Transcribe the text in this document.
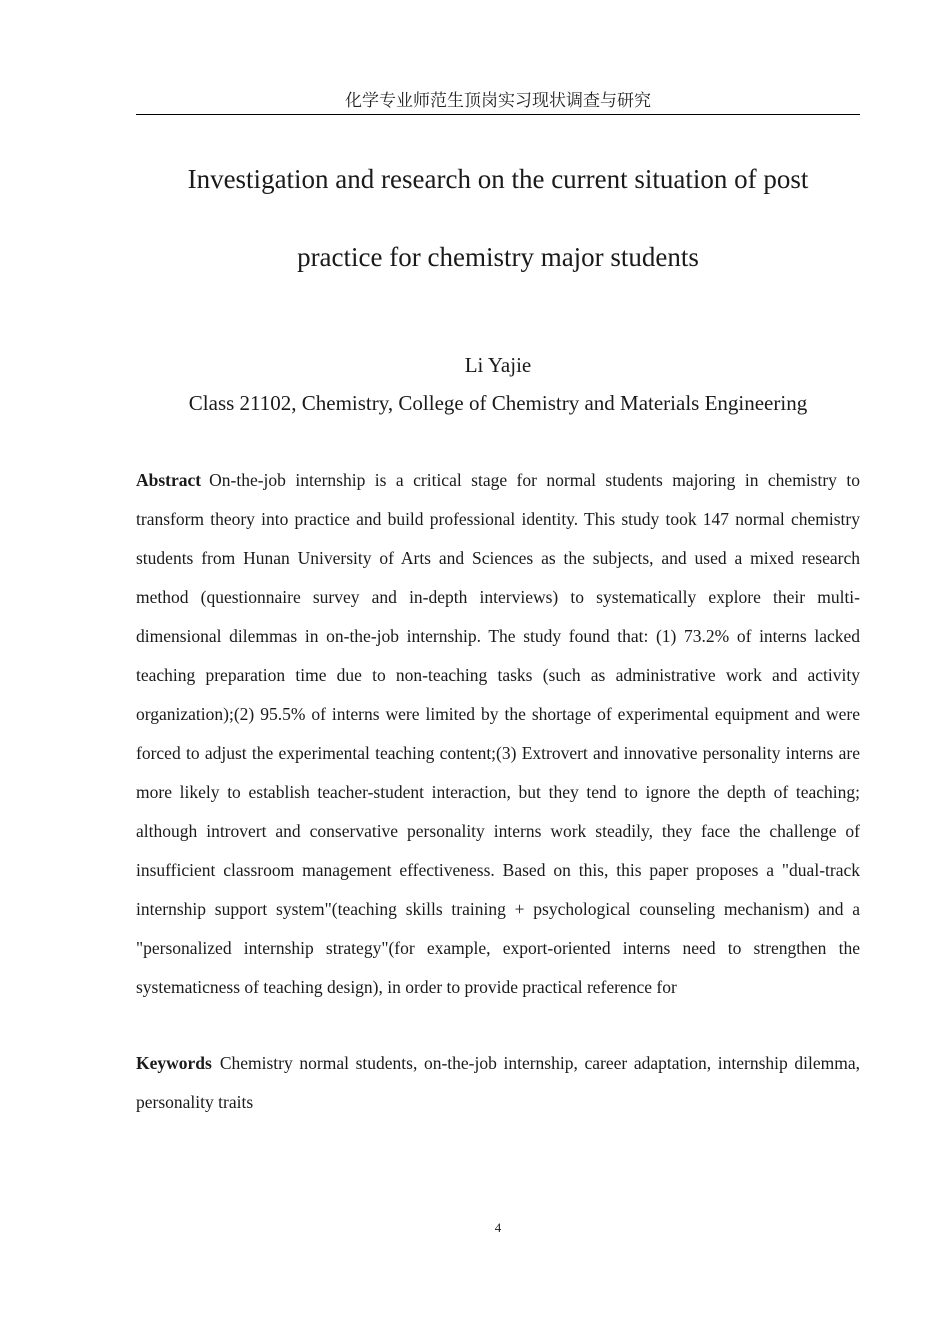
化学专业师范生顶岗实习现状调查与研究
Investigation and research on the current situation of post
practice for chemistry major students
Li Yajie
Class 21102, Chemistry, College of Chemistry and Materials Engineering

Abstract On-the-job internship is a critical stage for normal students majoring in chemistry to transform theory into practice and build professional identity. This study took 147 normal chemistry students from Hunan University of Arts and Sciences as the subjects, and used a mixed research method (questionnaire survey and in-depth interviews) to systematically explore their multi-dimensional dilemmas in on-the-job internship. The study found that: (1) 73.2% of interns lacked teaching preparation time due to non-teaching tasks (such as administrative work and activity organization);(2) 95.5% of interns were limited by the shortage of experimental equipment and were forced to adjust the experimental teaching content;(3) Extrovert and innovative personality interns are more likely to establish teacher-student interaction, but they tend to ignore the depth of teaching; although introvert and conservative personality interns work steadily, they face the challenge of insufficient classroom management effectiveness. Based on this, this paper proposes a "dual-track internship support system"(teaching skills training + psychological counseling mechanism) and a "personalized internship strategy"(for example, export-oriented interns need to strengthen the systematicness of teaching design), in order to provide practical reference for

Keywords Chemistry normal students, on-the-job internship, career adaptation, internship dilemma, personality traits

4
